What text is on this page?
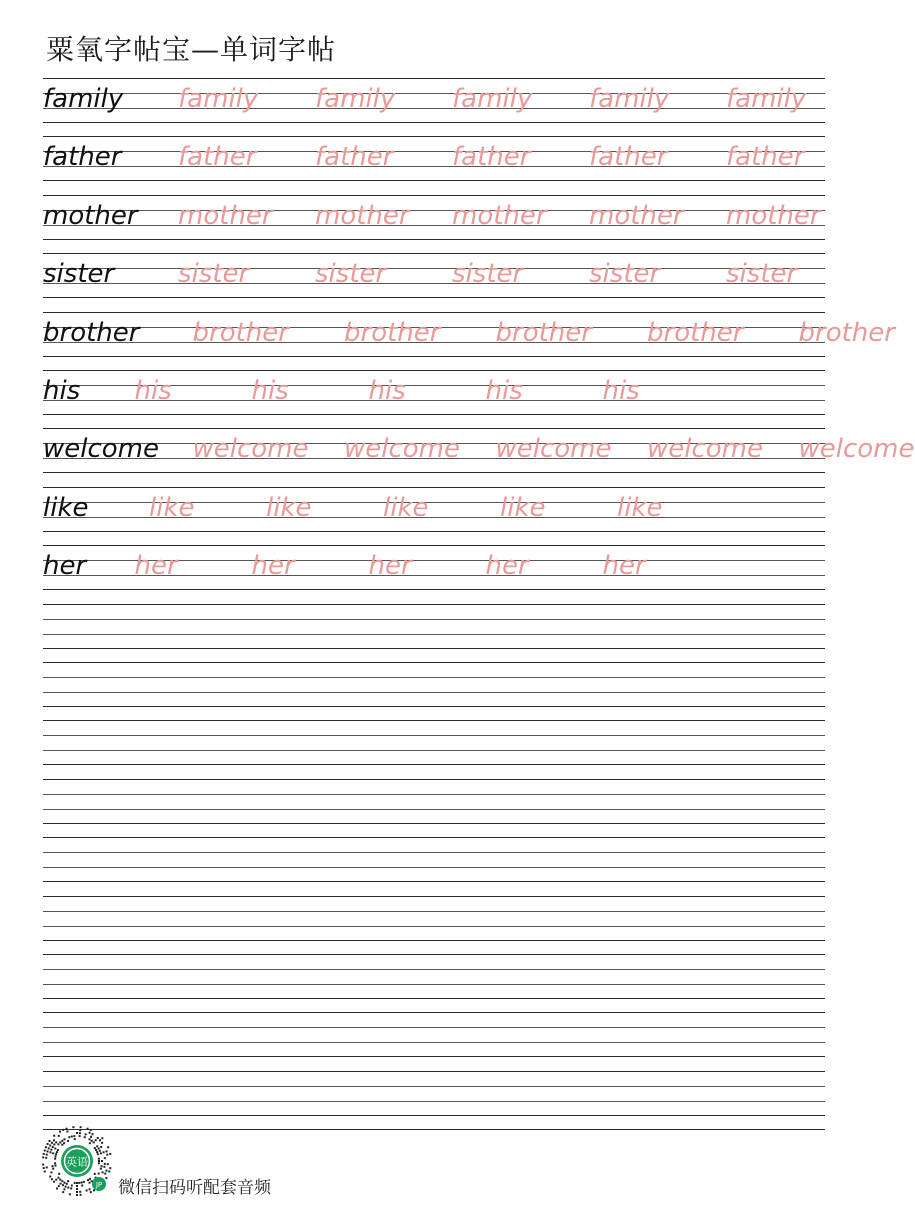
粟氧字帖宝—单词字帖
family family family family family family
father father father father father father
mother mother mother mother mother mother
sister sister	sister	sister	sister	sister
brother brother brother brother brother brother
his his	his	his	his	his
welcome welcome welcome welcome welcome welcome
like like	like	like	like	like
her her	her	her	her	her
英语
JP 微信扫码听配套音频
